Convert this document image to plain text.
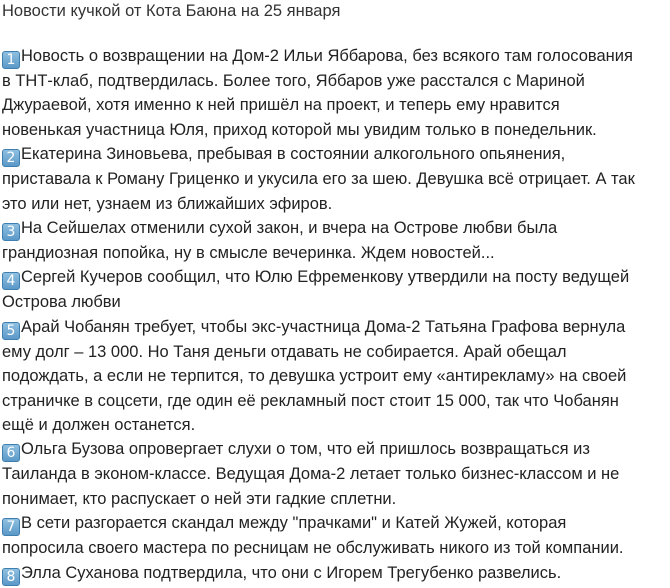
Новости кучкой от Кота Баюна на 25 января
1 Новость о возвращении на Дом-2 Ильи Яббарова, без всякого там голосования
в ТНТ-клаб, подтвердилась. Более того, Яббаров уже расстался с Мариной
Джураевой, хотя именно к ней пришёл на проект, и теперь ему нравится
новенькая участница Юля, приход которой мы увидим только в понедельник.
2 Екатерина Зиновьева, пребывая в состоянии алкогольного опьянения,
приставала к Роману Гриценко и укусила его за шею. Девушка всё отрицает. А так
это или нет, узнаем из ближайших эфиров.
3 На Сейшелах отменили сухой закон, и вчера на Острове любви была
грандиозная попойка, ну в смысле вечеринка. Ждем новостей...
4 Сергей Кучеров сообщил, что Юлю Ефременкову утвердили на посту ведущей
Острова любви
5 Арай Чобанян требует, чтобы экс-участница Дома-2 Татьяна Графова вернула
ему долг – 13 000. Но Таня деньги отдавать не собирается. Арай обещал
подождать, а если не терпится, то девушка устроит ему «антирекламу» на своей
страничке в соцсети, где один её рекламный пост стоит 15 000, так что Чобанян
ещё и должен останется.
6 Ольга Бузова опровергает слухи о том, что ей пришлось возвращаться из
Таиланда в эконом-классе. Ведущая Дома-2 летает только бизнес-классом и не
понимает, кто распускает о ней эти гадкие сплетни.
7 В сети разгорается скандал между "прачками" и Катей Жужей, которая
попросила своего мастера по ресницам не обслуживать никого из той компании.
8 Элла Суханова подтвердила, что они с Игорем Трегубенко развелись.
